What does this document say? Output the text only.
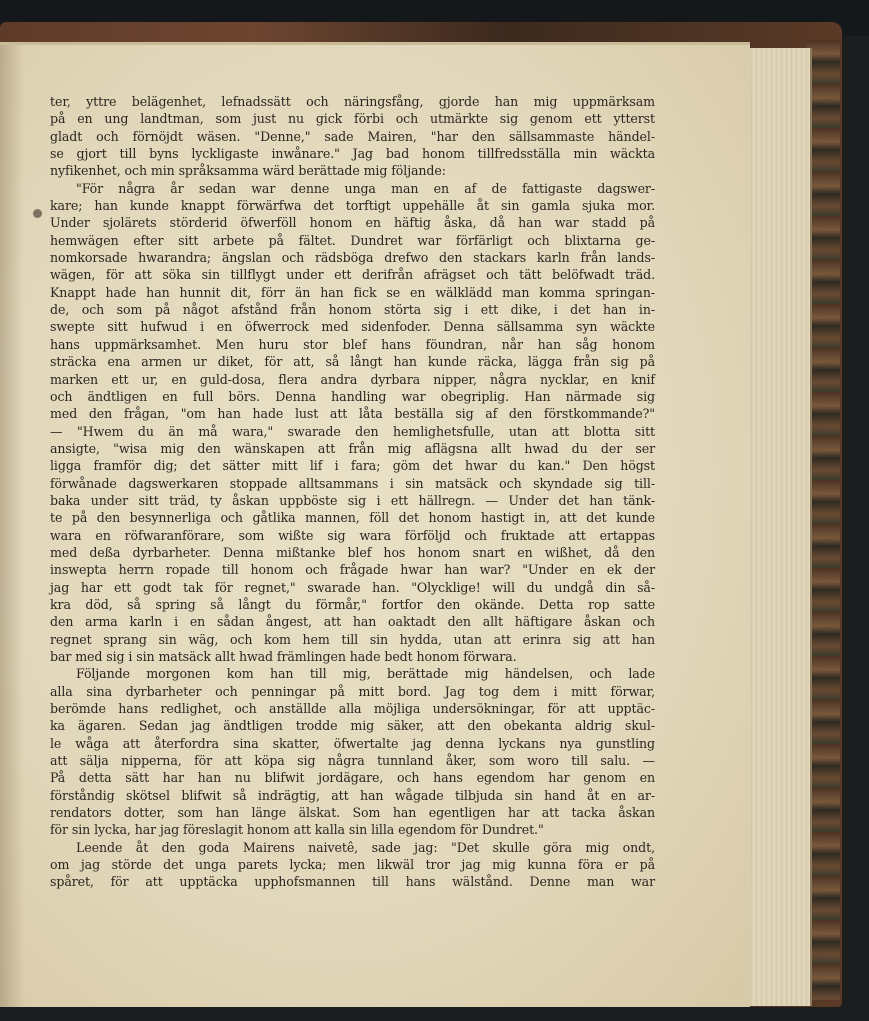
ter, yttre belägenhet, lefnadssätt och näringsfång, gjorde han mig uppmärksam
på en ung landtman, som just nu gick förbi och utmärkte sig genom ett ytterst
gladt och förnöjdt wäsen. "Denne," sade Mairen, "har den sällsammaste händel-
se gjort till byns lyckligaste inwånare." Jag bad honom tillfredsställa min wäckta
nyfikenhet, och min språksamma wärd berättade mig följande:
"För några år sedan war denne unga man en af de fattigaste dagswer-
kare; han kunde knappt förwärfwa det torftigt uppehälle åt sin gamla sjuka mor.
Under sjolärets störderid öfwerföll honom en häftig åska, då han war stadd på
hemwägen efter sitt arbete på fältet. Dundret war förfärligt och blixtarna ge-
nomkorsade hwarandra; ängslan och rädsböga drefwo den stackars karln från lands-
wägen, för att söka sin tillflygt under ett derifrån afrägset och tätt belöfwadt träd.
Knappt hade han hunnit dit, förr än han fick se en wälklädd man komma springan-
de, och som på något afstånd från honom störta sig i ett dike, i det han in-
swepte sitt hufwud i en öfwerrock med sidenfoder. Denna sällsamma syn wäckte
hans uppmärksamhet. Men huru stor blef hans föundran, når han såg honom
sträcka ena armen ur diket, för att, så långt han kunde räcka, lägga från sig på
marken ett ur, en guld-dosa, flera andra dyrbara nipper, några nycklar, en knif
och ändtligen en full börs. Denna handling war obegriplig. Han närmade sig
med den frågan, "om han hade lust att låta beställa sig af den förstkommande?"
— "Hwem du än må wara," swarade den hemlighetsfulle, utan att blotta sitt
ansigte, "wisa mig den wänskapen att från mig aflägsna allt hwad du der ser
ligga framför dig; det sätter mitt lif i fara; göm det hwar du kan." Den högst
förwånade dagswerkaren stoppade alltsammans i sin matsäck och skyndade sig till-
baka under sitt träd, ty åskan uppböste sig i ett hällregn. — Under det han tänk-
te på den besynnerliga och gåtlika mannen, föll det honom hastigt in, att det kunde
wara en röfwaranförare, som wißte sig wara förföljd och fruktade att ertappas
med deßa dyrbarheter. Denna mißtanke blef hos honom snart en wißhet, då den
inswepta herrn ropade till honom och frågade hwar han war? "Under en ek der
jag har ett godt tak för regnet," swarade han. "Olycklige! will du undgå din så-
kra död, så spring så långt du förmår," fortfor den okände. Detta rop satte
den arma karln i en sådan ångest, att han oaktadt den allt häftigare åskan och
regnet sprang sin wäg, och kom hem till sin hydda, utan att erinra sig att han
bar med sig i sin matsäck allt hwad främlingen hade bedt honom förwara.
Följande morgonen kom han till mig, berättade mig händelsen, och lade
alla sina dyrbarheter och penningar på mitt bord. Jag tog dem i mitt förwar,
berömde hans redlighet, och anställde alla möjliga undersökningar, för att upptäc-
ka ägaren. Sedan jag ändtligen trodde mig säker, att den obekanta aldrig skul-
le wåga att återfordra sina skatter, öfwertalte jag denna lyckans nya gunstling
att sälja nipperna, för att köpa sig några tunnland åker, som woro till salu. —
På detta sätt har han nu blifwit jordägare, och hans egendom har genom en
förståndig skötsel blifwit så indrägtig, att han wågade tilbjuda sin hand åt en ar-
rendators dotter, som han länge älskat. Som han egentligen har att tacka åskan
för sin lycka, har jag föreslagit honom att kalla sin lilla egendom för Dundret."
Leende åt den goda Mairens naivetê, sade jag: "Det skulle göra mig ondt,
om jag störde det unga parets lycka; men likwäl tror jag mig kunna föra er på
spåret, för att upptäcka upphofsmannen till hans wälstånd. Denne man war
